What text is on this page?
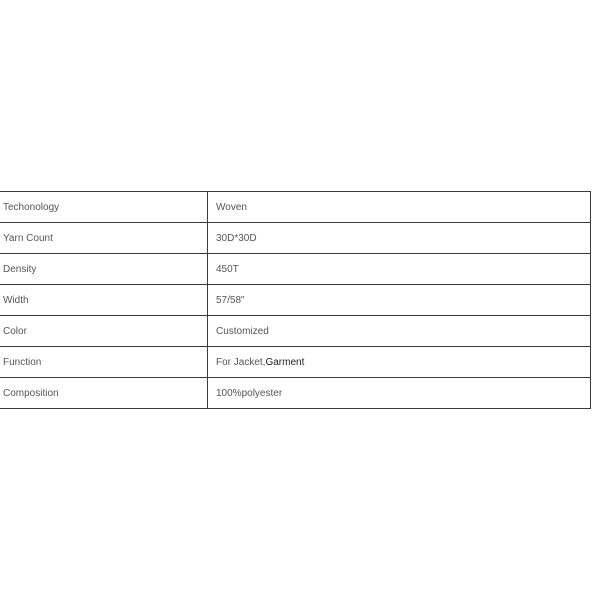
Techonology	Woven
Yarn Count	30D*30D
Density	450T
Width	57/58"
Color	Customized
Function	For Jacket,Garment
Composition	100%polyester
